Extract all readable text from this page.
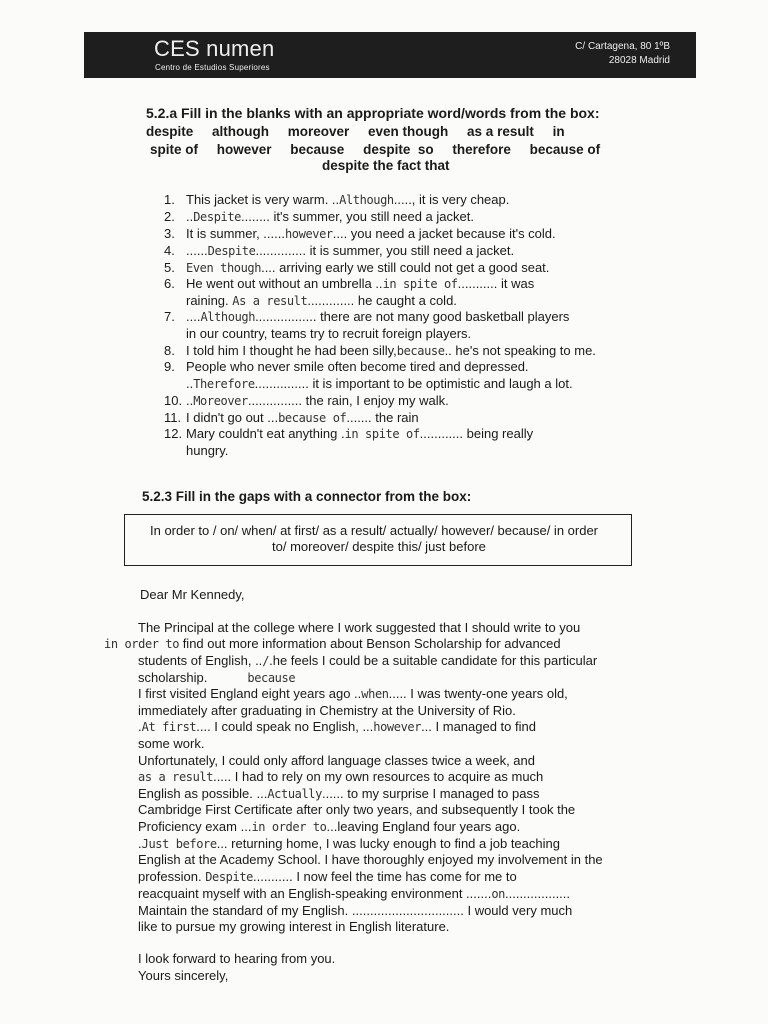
CES numen
Centro de Estudios Superiores
C/ Cartagena, 80 1ºB
28028 Madrid
5.2.a Fill in the blanks with an appropriate word/words from the box:
despite     although     moreover     even though     as a result     in
spite of     however     because     despite  so     therefore     because of
despite the fact that
1. This jacket is very warm. ..Although....., it is very cheap.
2. ..Despite........ it's summer, you still need a jacket.
3. It is summer, ......however.... you need a jacket because it's cold.
4. ......Despite.............. it is summer, you still need a jacket.
5. Even though.... arriving early we still could not get a good seat.
6. He went out without an umbrella ..in spite of........... it was
raining. As a result............. he caught a cold.
7. ....Although................. there are not many good basketball players
in our country, teams try to recruit foreign players.
8. I told him I thought he had been silly,because.. he's not speaking to me.
9. People who never smile often become tired and depressed.
..Therefore............... it is important to be optimistic and laugh a lot.
10. ..Moreover............... the rain, I enjoy my walk.
11. I didn't go out ...because of....... the rain
12. Mary couldn't eat anything .in spite of............ being really
hungry.
5.2.3 Fill in the gaps with a connector from the box:
In order to / on/ when/ at first/ as a result/ actually/ however/ because/ in order
to/ moreover/ despite this/ just before
Dear Mr Kennedy,
The Principal at the college where I work suggested that I should write to you
in order to find out more information about Benson Scholarship for advanced
students of English, ../.he feels I could be a suitable candidate for this particular
scholarship.	because
I first visited England eight years ago ..when..... I was twenty-one years old,
immediately after graduating in Chemistry at the University of Rio.
.At first.... I could speak no English, ...however... I managed to find
some work.
Unfortunately, I could only afford language classes twice a week, and
as a result..... I had to rely on my own resources to acquire as much
English as possible. ...Actually...... to my surprise I managed to pass
Cambridge First Certificate after only two years, and subsequently I took the
Proficiency exam ...in order to...leaving England four years ago.
.Just before... returning home, I was lucky enough to find a job teaching
English at the Academy School. I have thoroughly enjoyed my involvement in the
profession. Despite........... I now feel the time has come for me to
reacquaint myself with an English-speaking environment .......on..................
Maintain the standard of my English. ............................... I would very much
like to pursue my growing interest in English literature.
I look forward to hearing from you.
Yours sincerely,
